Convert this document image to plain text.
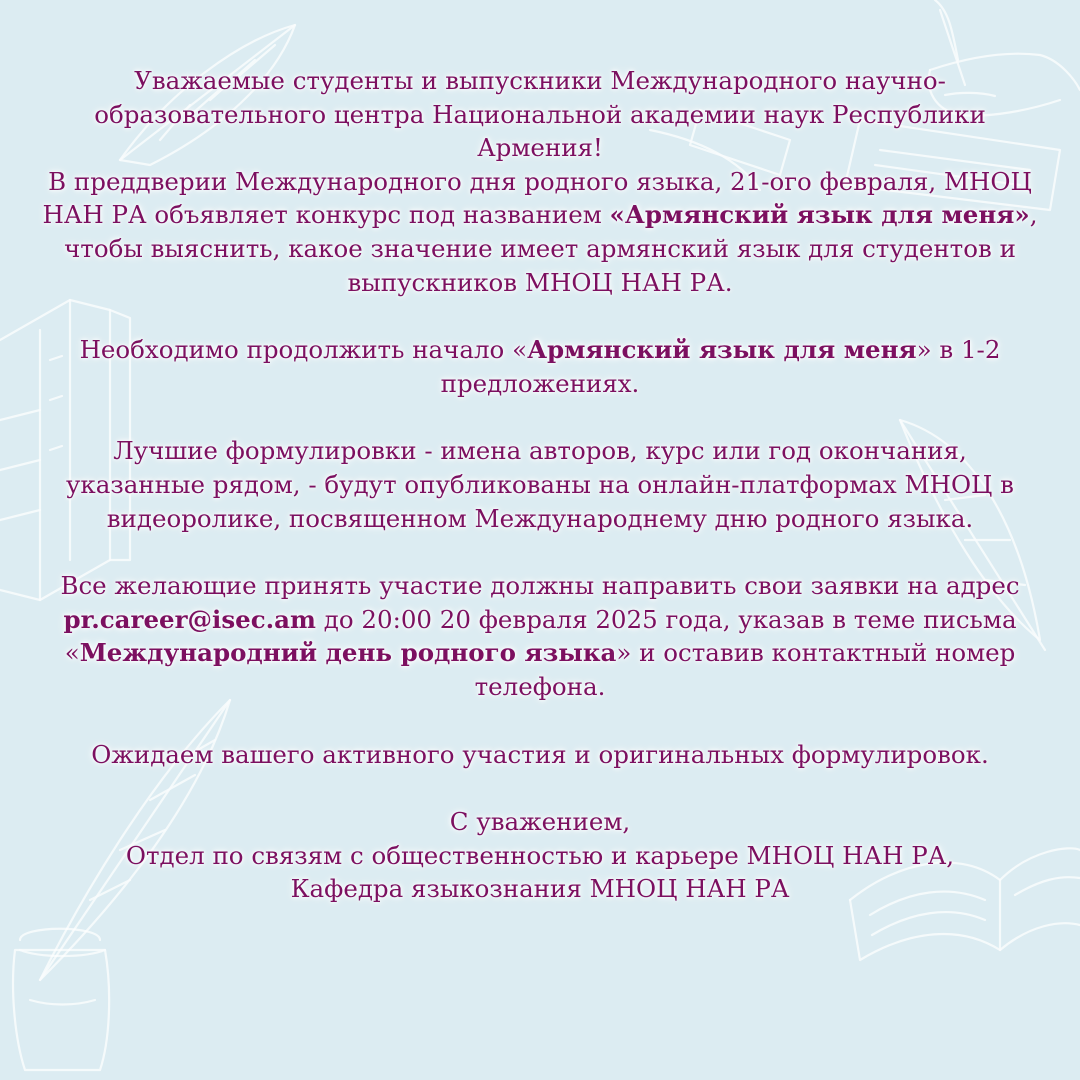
Уважаемые студенты и выпускники Международного научно-образовательного центра Национальной академии наук Республики Армения!

В преддверии Международного дня родного языка, 21-ого февраля, МНОЦ НАН РА объявляет конкурс под названием «Армянский язык для меня», чтобы выяснить, какое значение имеет армянский язык для студентов и выпускников МНОЦ НАН РА.

Необходимо продолжить начало «Армянский язык для меня» в 1-2 предложениях.

Лучшие формулировки - имена авторов, курс или год окончания, указанные рядом, - будут опубликованы на онлайн-платформах МНОЦ в видеоролике, посвященном Международнему дню родного языка.

Все желающие принять участие должны направить свои заявки на адрес pr.career@isec.am до 20:00 20 февраля 2025 года, указав в теме письма «Международний день родного языка» и оставив контактный номер телефона.

Ожидаем вашего активного участия и оригинальных формулировок.

С уважением,

Отдел по связям с общественностью и карьере МНОЦ НАН РА,

Кафедра языкознания МНОЦ НАН РА
